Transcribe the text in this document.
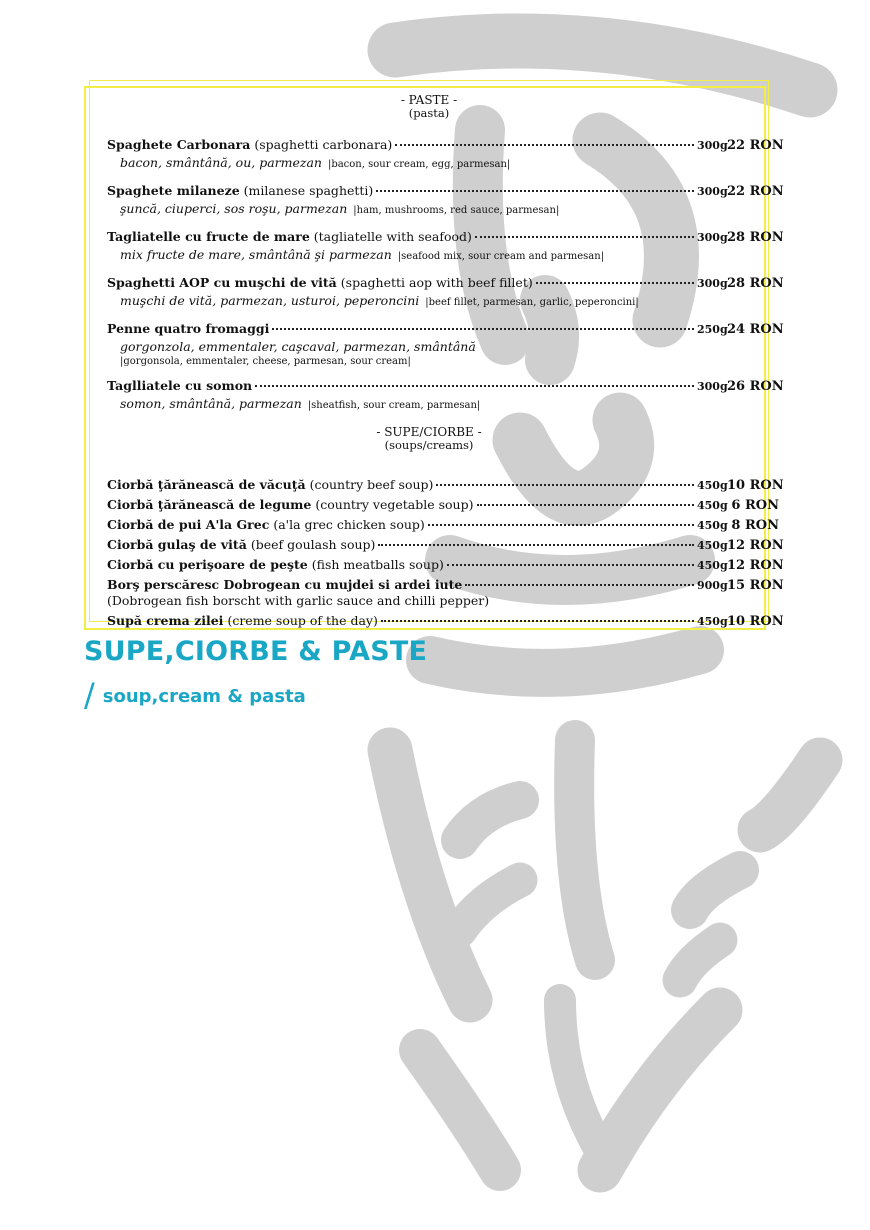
- PASTE -
(pasta)
Spaghete Carbonara (spaghetti carbonara)	300g 22 RON
bacon, smântână, ou, parmezan |bacon, sour cream, egg, parmesan|
Spaghete milaneze (milanese spaghetti)	300g 22 RON
şuncă, ciuperci, sos roşu, parmezan |ham, mushrooms, red sauce, parmesan|
Tagliatelle cu fructe de mare (tagliatelle with seafood)	300g 28 RON
mix fructe de mare, smântână şi parmezan |seafood mix, sour cream and parmesan|
Spaghetti AOP cu muşchi de vită (spaghetti aop with beef fillet)	300g 28 RON
muşchi de vită, parmezan, usturoi, peperoncini |beef fillet, parmesan, garlic, peperoncini|
Penne quatro fromaggi	250g 24 RON
gorgonzola, emmentaler, caşcaval, parmezan, smântână
|gorgonsola, emmentaler, cheese, parmesan, sour cream|
Taglliatele cu somon	300g 26 RON
somon, smântână, parmezan |sheatfish, sour cream, parmesan|
- SUPE/CIORBE -
(soups/creams)
Ciorbă ţărănească de văcuţă (country beef soup)	450g 10 RON
Ciorbă ţărănească de legume (country vegetable soup)	450g 6 RON
Ciorbă de pui A'la Grec (a'la grec chicken soup)	450g 8 RON
Ciorbă gulaş de vită (beef goulash soup)	450g 12 RON
Ciorbă cu perişoare de peşte (fish meatballs soup)	450g 12 RON
Borş perscăresc Dobrogean cu mujdei si ardei iute	900g 15 RON
(Dobrogean fish borscht with garlic sauce and chilli pepper)
Supă crema zilei (creme soup of the day)	450g 10 RON
SUPE,CIORBE & PASTE
/ soup,cream & pasta
